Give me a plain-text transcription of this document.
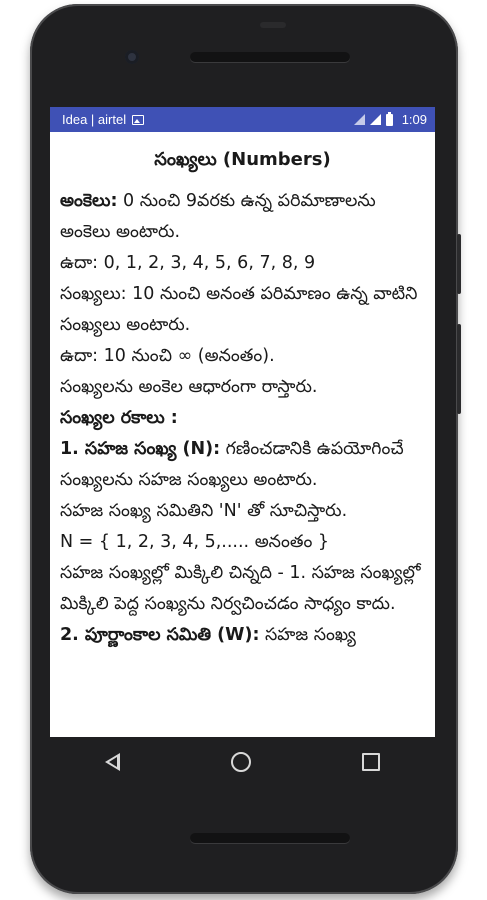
Idea | airtel	1:09
సంఖ్యలు (Numbers)

అంకెలు: 0 నుంచి 9వరకు ఉన్న పరిమాణాలను అంకెలు అంటారు.

ఉదా: 0, 1, 2, 3, 4, 5, 6, 7, 8, 9

సంఖ్యలు: 10 నుంచి అనంత పరిమాణం ఉన్న వాటిని సంఖ్యలు అంటారు.

ఉదా: 10 నుంచి ∞ (అనంతం).

సంఖ్యలను అంకెల ఆధారంగా రాస్తారు.

సంఖ్యల రకాలు :

1. సహజ సంఖ్య (N): గణించడానికి ఉపయోగించే సంఖ్యలను సహజ సంఖ్యలు అంటారు.

సహజ సంఖ్య సమితిని 'N' తో సూచిస్తారు.

N = { 1, 2, 3, 4, 5,..... అనంతం }

సహజ సంఖ్యల్లో మిక్కిలి చిన్నది - 1. సహజ సంఖ్యల్లో మిక్కిలి పెద్ద సంఖ్యను నిర్వచించడం సాధ్యం కాదు.

2. పూర్ణాంకాల సమితి (W): సహజ సంఖ్య
